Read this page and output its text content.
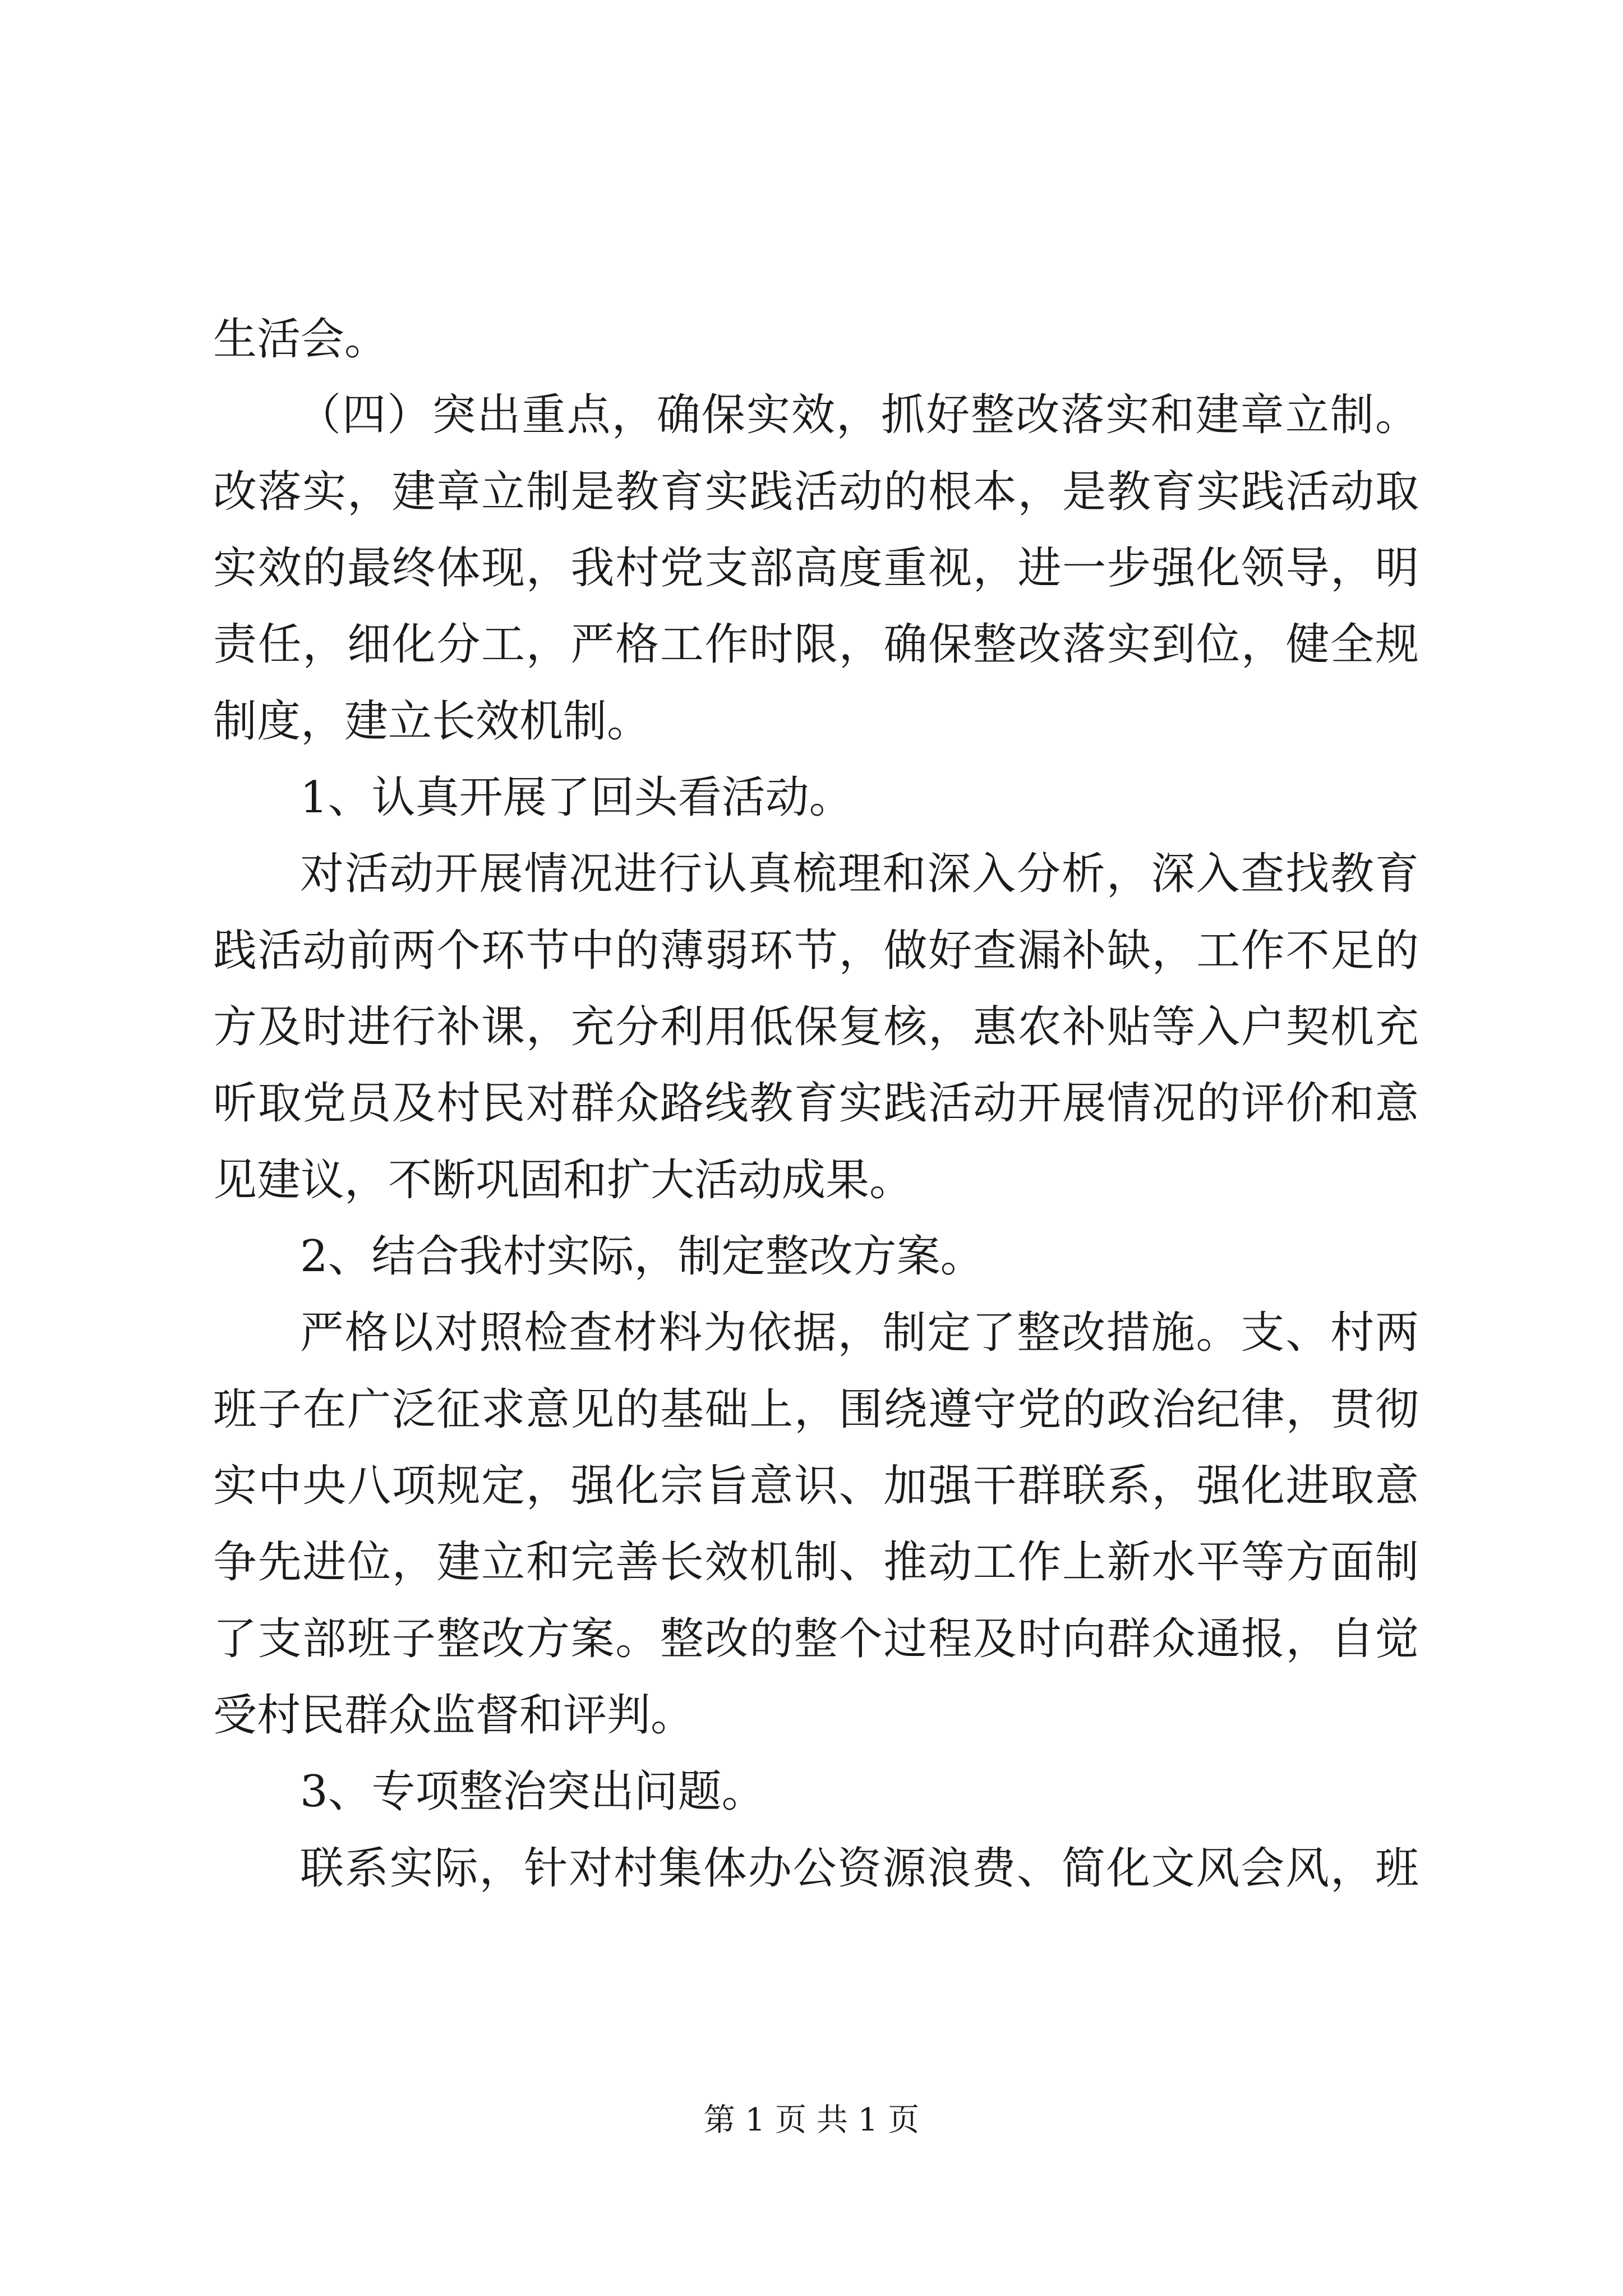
生活会。
（四）突出重点，确保实效，抓好整改落实和建章立制。
改落实，建章立制是教育实践活动的根本，是教育实践活动取
实效的最终体现，我村党支部高度重视，进一步强化领导，明
责任，细化分工，严格工作时限，确保整改落实到位，健全规
制度，建立长效机制。
1、认真开展了回头看活动。
对活动开展情况进行认真梳理和深入分析，深入查找教育
践活动前两个环节中的薄弱环节，做好查漏补缺，工作不足的
方及时进行补课，充分利用低保复核，惠农补贴等入户契机充
听取党员及村民对群众路线教育实践活动开展情况的评价和意
见建议，不断巩固和扩大活动成果。
2、结合我村实际，制定整改方案。
严格以对照检查材料为依据，制定了整改措施。支、村两
班子在广泛征求意见的基础上，围绕遵守党的政治纪律，贯彻
实中央八项规定，强化宗旨意识、加强干群联系，强化进取意
争先进位，建立和完善长效机制、推动工作上新水平等方面制
了支部班子整改方案。整改的整个过程及时向群众通报，自觉
受村民群众监督和评判。
3、专项整治突出问题。
联系实际，针对村集体办公资源浪费、简化文风会风，班
第 1 页 共 1 页
